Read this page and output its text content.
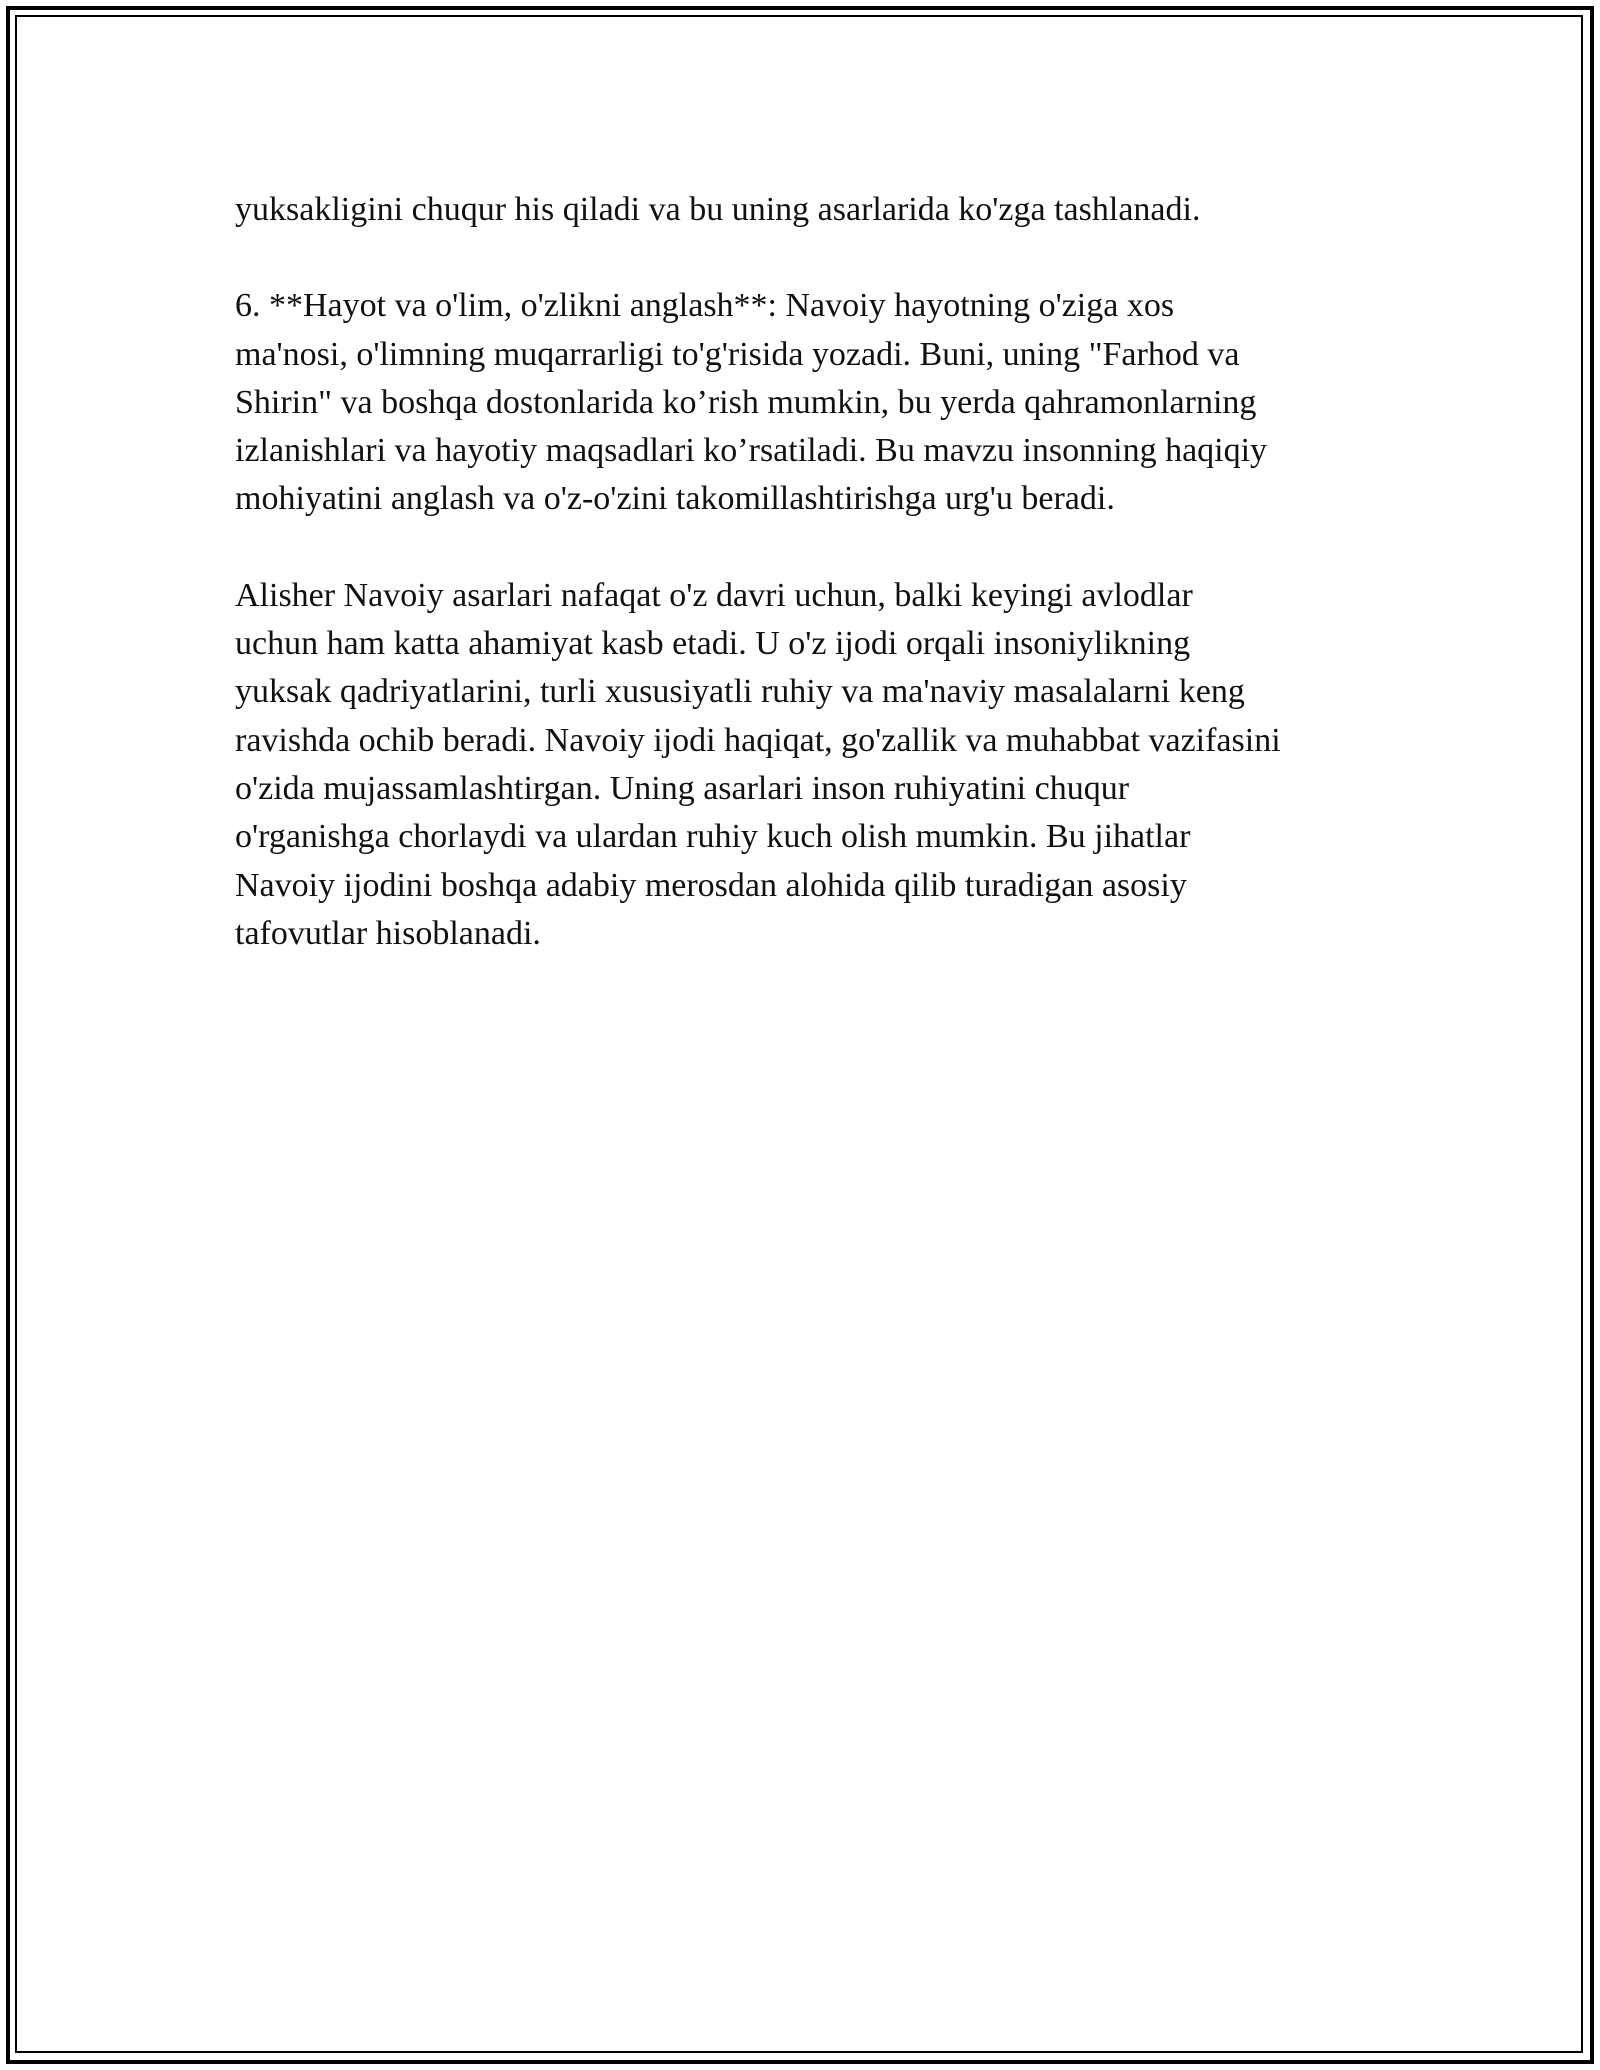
yuksakligini chuqur his qiladi va bu uning asarlarida ko'zga tashlanadi.

6. **Hayot va o'lim, o'zlikni anglash**: Navoiy hayotning o'ziga xos
ma'nosi, o'limning muqarrarligi to'g'risida yozadi. Buni, uning "Farhod va
Shirin" va boshqa dostonlarida ko’rish mumkin, bu yerda qahramonlarning
izlanishlari va hayotiy maqsadlari ko’rsatiladi. Bu mavzu insonning haqiqiy
mohiyatini anglash va o'z-o'zini takomillashtirishga urg'u beradi.

Alisher Navoiy asarlari nafaqat o'z davri uchun, balki keyingi avlodlar
uchun ham katta ahamiyat kasb etadi. U o'z ijodi orqali insoniylikning
yuksak qadriyatlarini, turli xususiyatli ruhiy va ma'naviy masalalarni keng
ravishda ochib beradi. Navoiy ijodi haqiqat, go'zallik va muhabbat vazifasini
o'zida mujassamlashtirgan. Uning asarlari inson ruhiyatini chuqur
o'rganishga chorlaydi va ulardan ruhiy kuch olish mumkin. Bu jihatlar
Navoiy ijodini boshqa adabiy merosdan alohida qilib turadigan asosiy
tafovutlar hisoblanadi.
